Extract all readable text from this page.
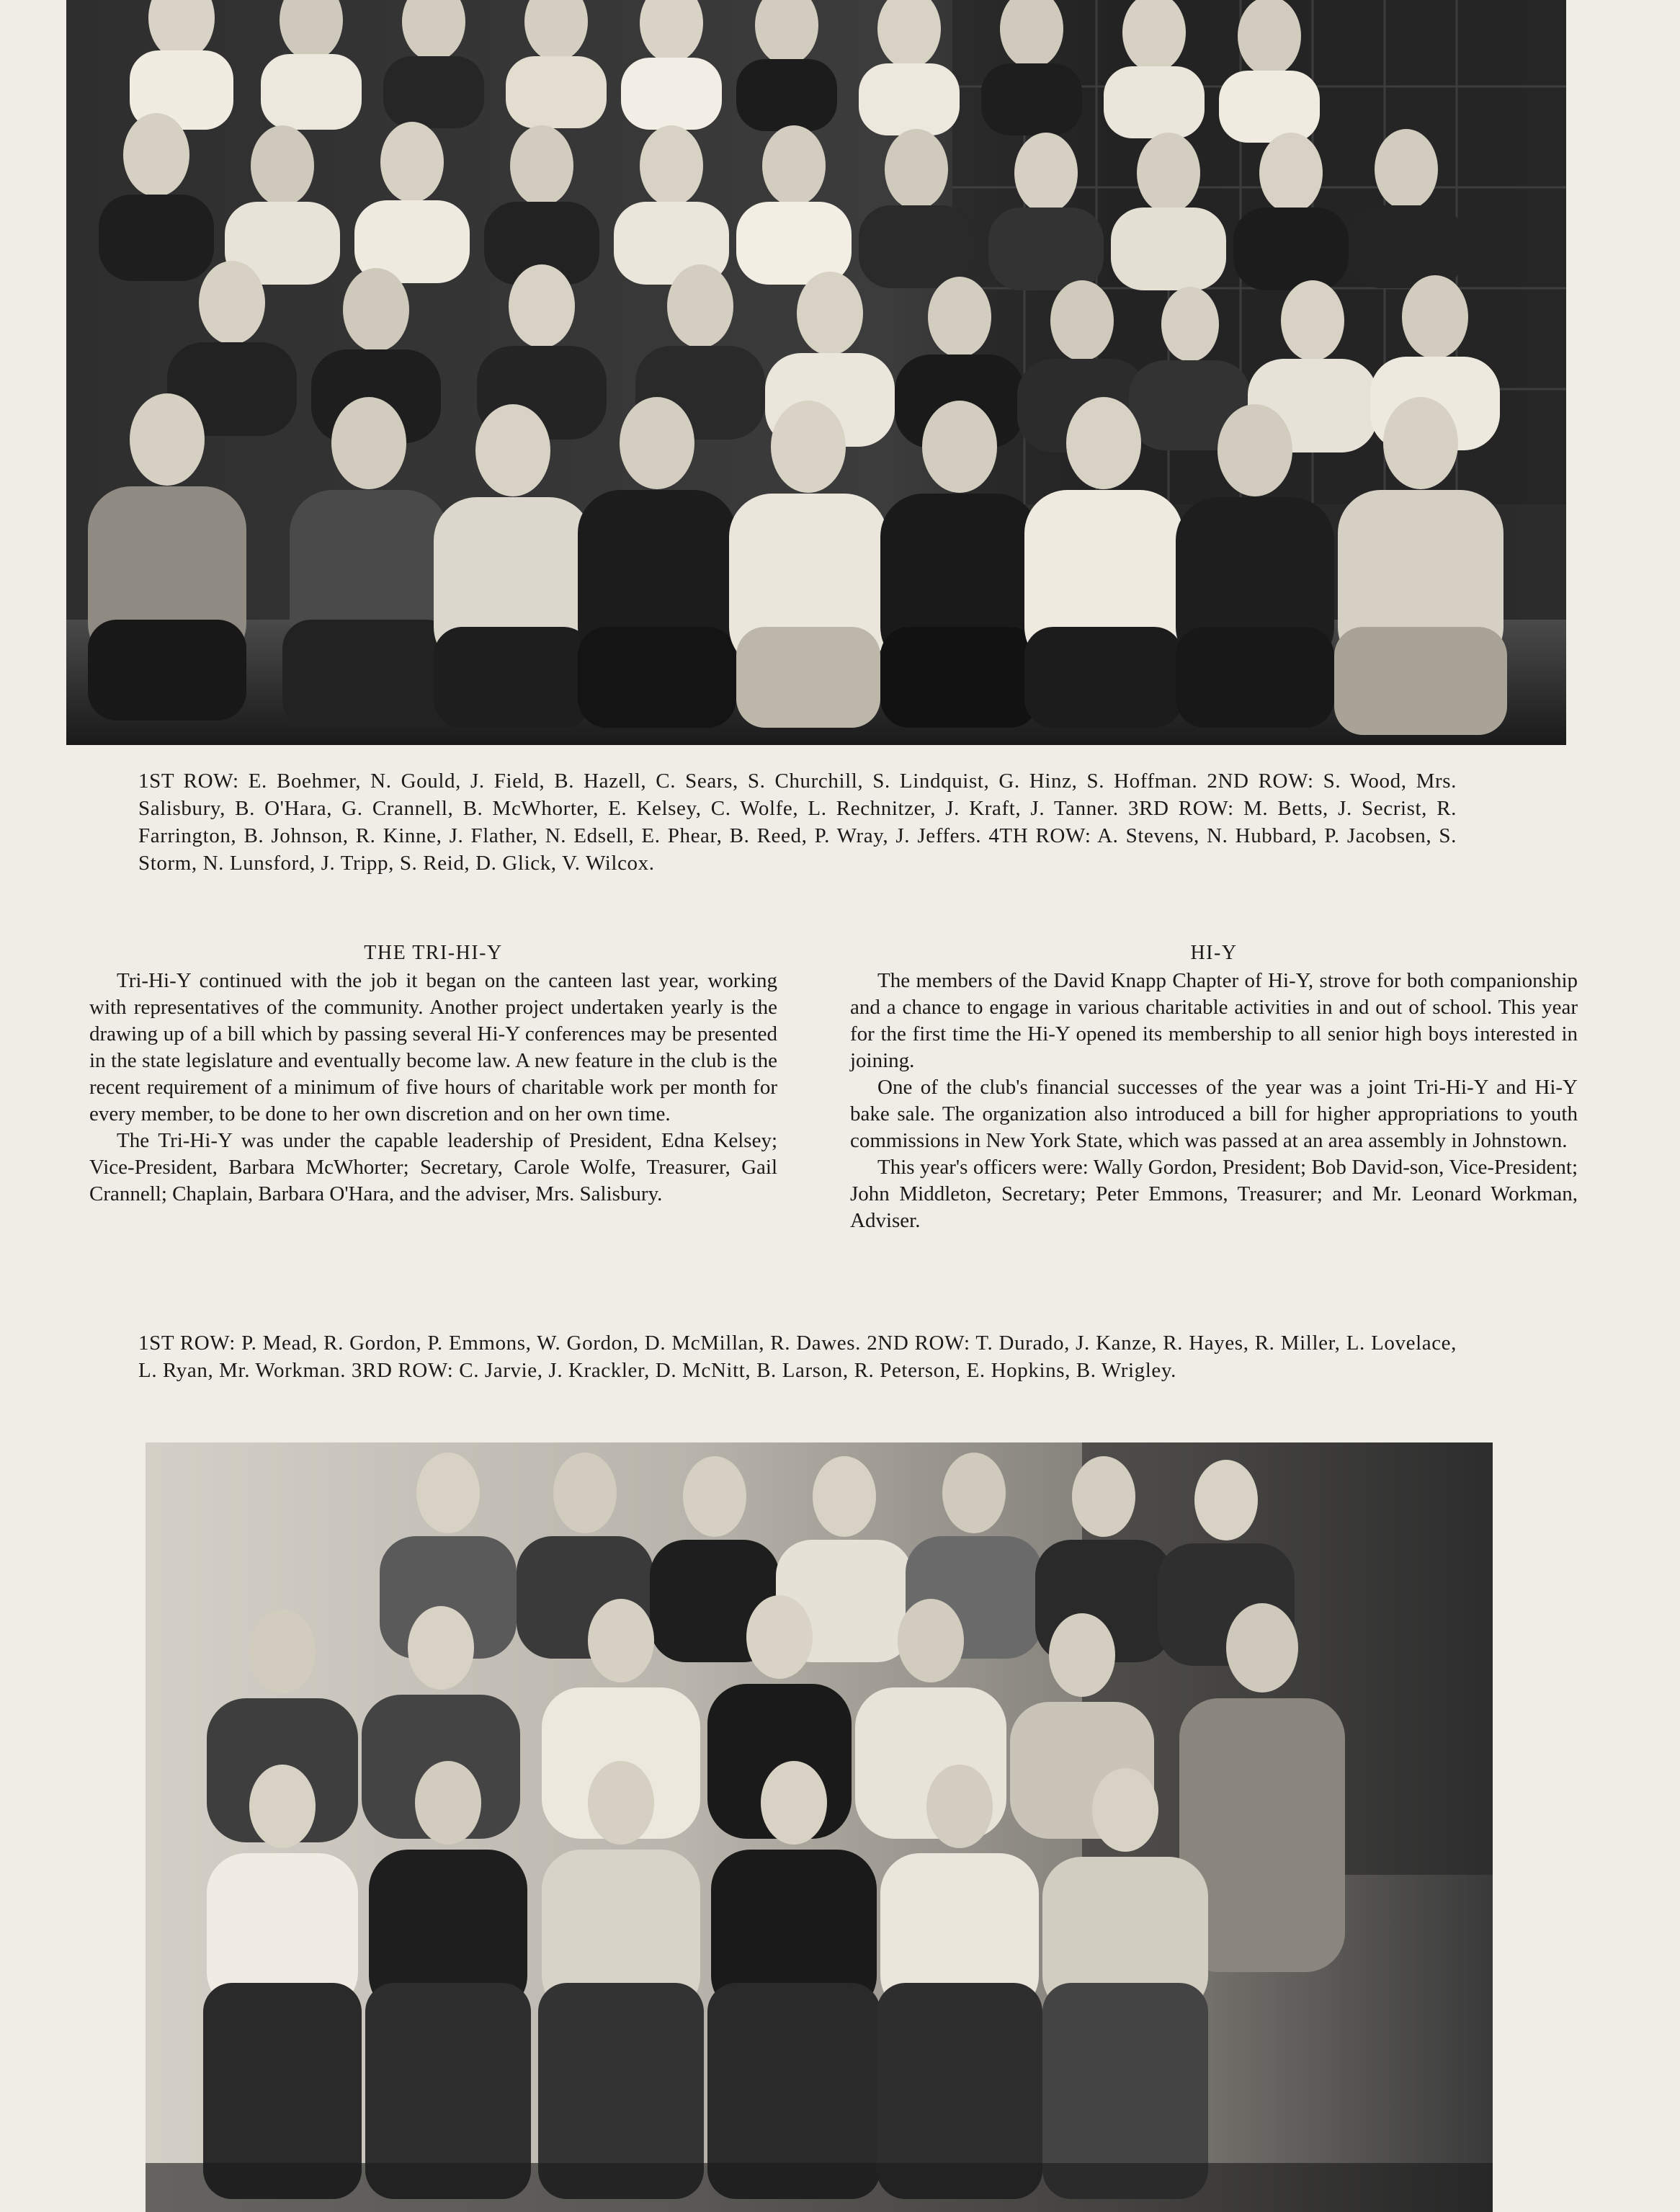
1ST ROW: E. Boehmer, N. Gould, J. Field, B. Hazell, C. Sears, S. Churchill, S. Lindquist, G. Hinz, S. Hoffman. 2ND ROW: S. Wood, Mrs. Salisbury, B. O'Hara, G. Crannell, B. McWhorter, E. Kelsey, C. Wolfe, L. Rechnitzer, J. Kraft, J. Tanner. 3RD ROW: M. Betts, J. Secrist, R. Farrington, B. Johnson, R. Kinne, J. Flather, N. Edsell, E. Phear, B. Reed, P. Wray, J. Jeffers. 4TH ROW: A. Stevens, N. Hubbard, P. Jacobsen, S. Storm, N. Lunsford, J. Tripp, S. Reid, D. Glick, V. Wilcox.
THE TRI-HI-Y

Tri-Hi-Y continued with the job it began on the canteen last year, working with representatives of the community. Another project undertaken yearly is the drawing up of a bill which by passing several Hi-Y conferences may be presented in the state legislature and eventually become law. A new feature in the club is the recent requirement of a minimum of five hours of charitable work per month for every member, to be done to her own discretion and on her own time.

The Tri-Hi-Y was under the capable leadership of President, Edna Kelsey; Vice-President, Barbara McWhorter; Secretary, Carole Wolfe, Treasurer, Gail Crannell; Chaplain, Barbara O'Hara, and the adviser, Mrs. Salisbury.

HI-Y

The members of the David Knapp Chapter of Hi-Y, strove for both companionship and a chance to engage in various charitable activities in and out of school. This year for the first time the Hi-Y opened its membership to all senior high boys interested in joining.

One of the club's financial successes of the year was a joint Tri-Hi-Y and Hi-Y bake sale. The organization also introduced a bill for higher appropriations to youth commissions in New York State, which was passed at an area assembly in Johnstown.

This year's officers were: Wally Gordon, President; Bob David-son, Vice-President; John Middleton, Secretary; Peter Emmons, Treasurer; and Mr. Leonard Workman, Adviser.

1ST ROW: P. Mead, R. Gordon, P. Emmons, W. Gordon, D. McMillan, R. Dawes. 2ND ROW: T. Durado, J. Kanze, R. Hayes, R. Miller, L. Lovelace, L. Ryan, Mr. Workman. 3RD ROW: C. Jarvie, J. Krackler, D. McNitt, B. Larson, R. Peterson, E. Hopkins, B. Wrigley.
